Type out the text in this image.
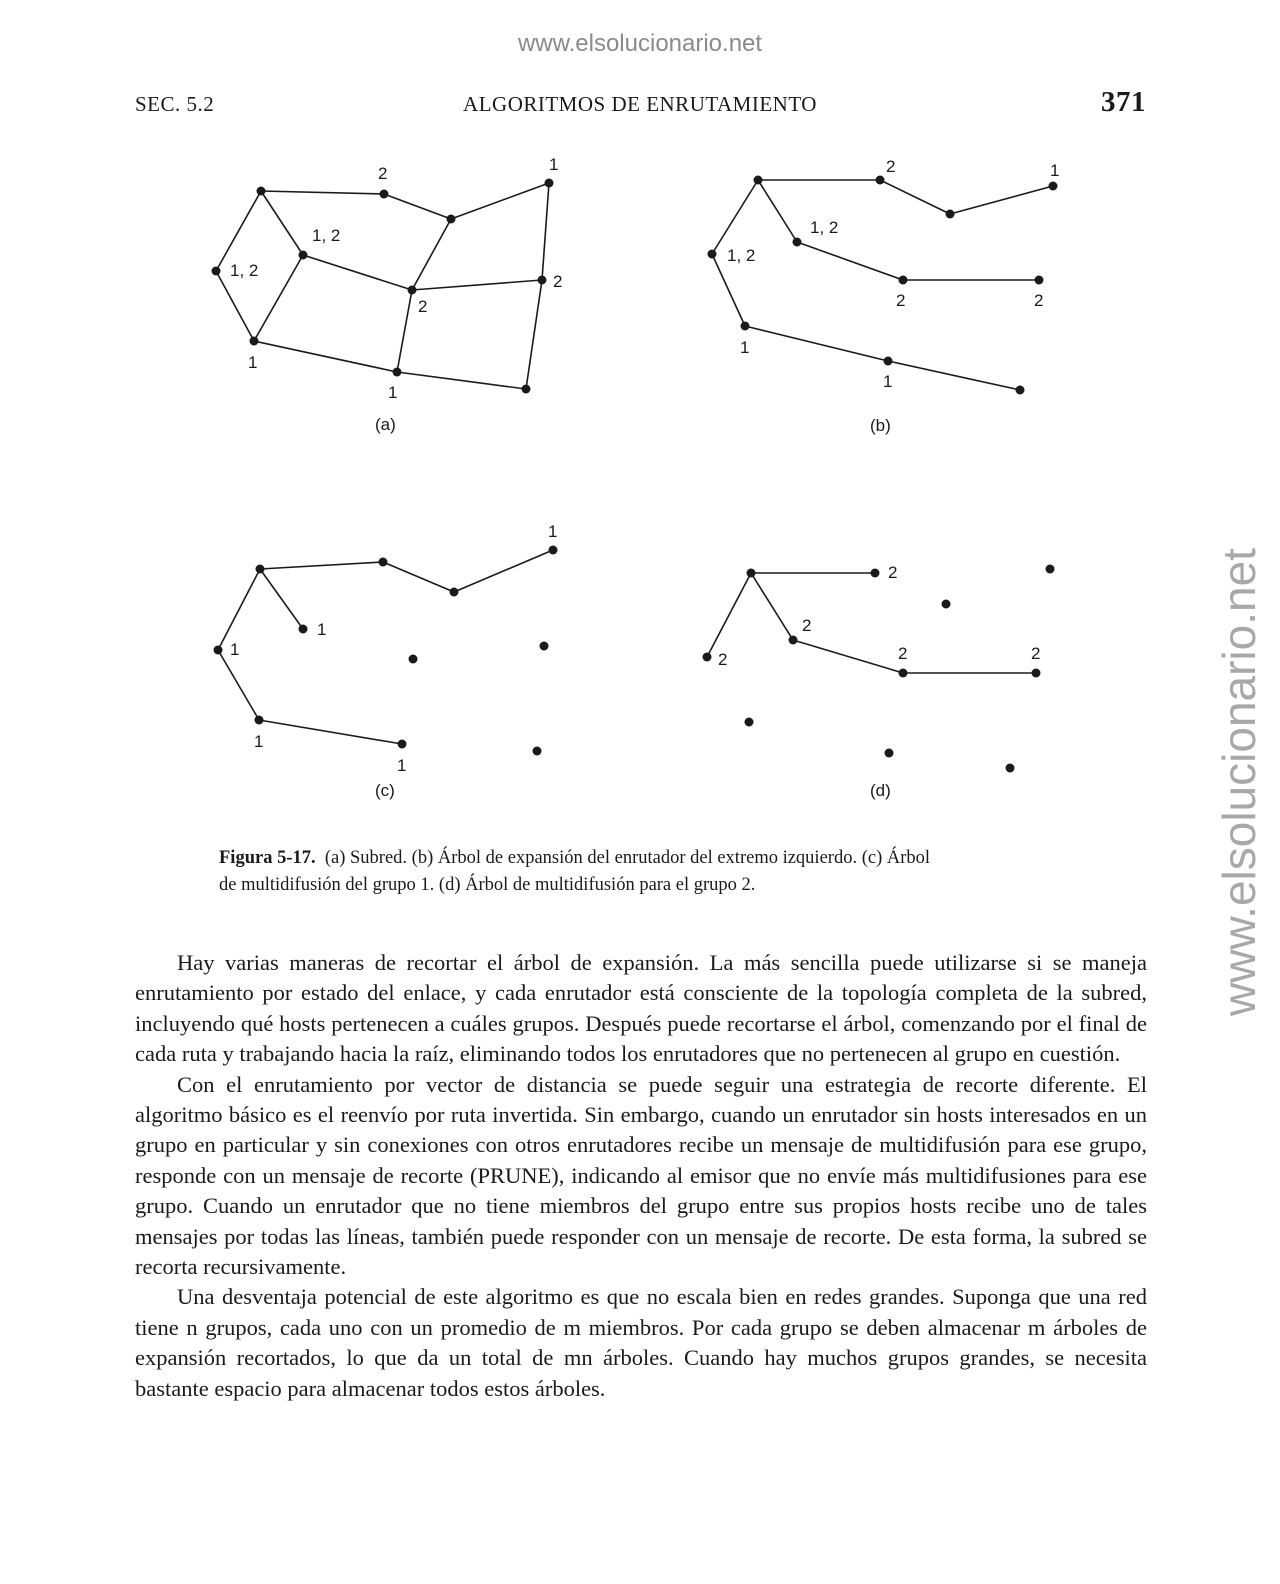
www.elsolucionario.net
www.elsolucionario.net
SEC. 5.2	ALGORITMOS DE ENRUTAMIENTO	371
2	1
1, 2
1, 2
2
2
1
1
(a)
2	1
1, 2
1, 2
2	2
1
1
(b)
1
1
1
1
1
(c)
2
2
2	2	2
(d)
Figura 5-17. (a) Subred. (b) Árbol de expansión del enrutador del extremo izquierdo. (c) Árbol
de multidifusión del grupo 1. (d) Árbol de multidifusión para el grupo 2.

Hay varias maneras de recortar el árbol de expansión. La más sencilla puede utilizarse si se maneja enrutamiento por estado del enlace, y cada enrutador está consciente de la topología completa de la subred, incluyendo qué hosts pertenecen a cuáles grupos. Después puede recortarse el árbol, comenzando por el final de cada ruta y trabajando hacia la raíz, eliminando todos los enrutadores que no pertenecen al grupo en cuestión.

Con el enrutamiento por vector de distancia se puede seguir una estrategia de recorte diferente. El algoritmo básico es el reenvío por ruta invertida. Sin embargo, cuando un enrutador sin hosts interesados en un grupo en particular y sin conexiones con otros enrutadores recibe un mensaje de multidifusión para ese grupo, responde con un mensaje de recorte (PRUNE), indicando al emisor que no envíe más multidifusiones para ese grupo. Cuando un enrutador que no tiene miembros del grupo entre sus propios hosts recibe uno de tales mensajes por todas las líneas, también puede responder con un mensaje de recorte. De esta forma, la subred se recorta recursivamente.

Una desventaja potencial de este algoritmo es que no escala bien en redes grandes. Suponga que una red tiene n grupos, cada uno con un promedio de m miembros. Por cada grupo se deben almacenar m árboles de expansión recortados, lo que da un total de mn árboles. Cuando hay muchos grupos grandes, se necesita bastante espacio para almacenar todos estos árboles.
